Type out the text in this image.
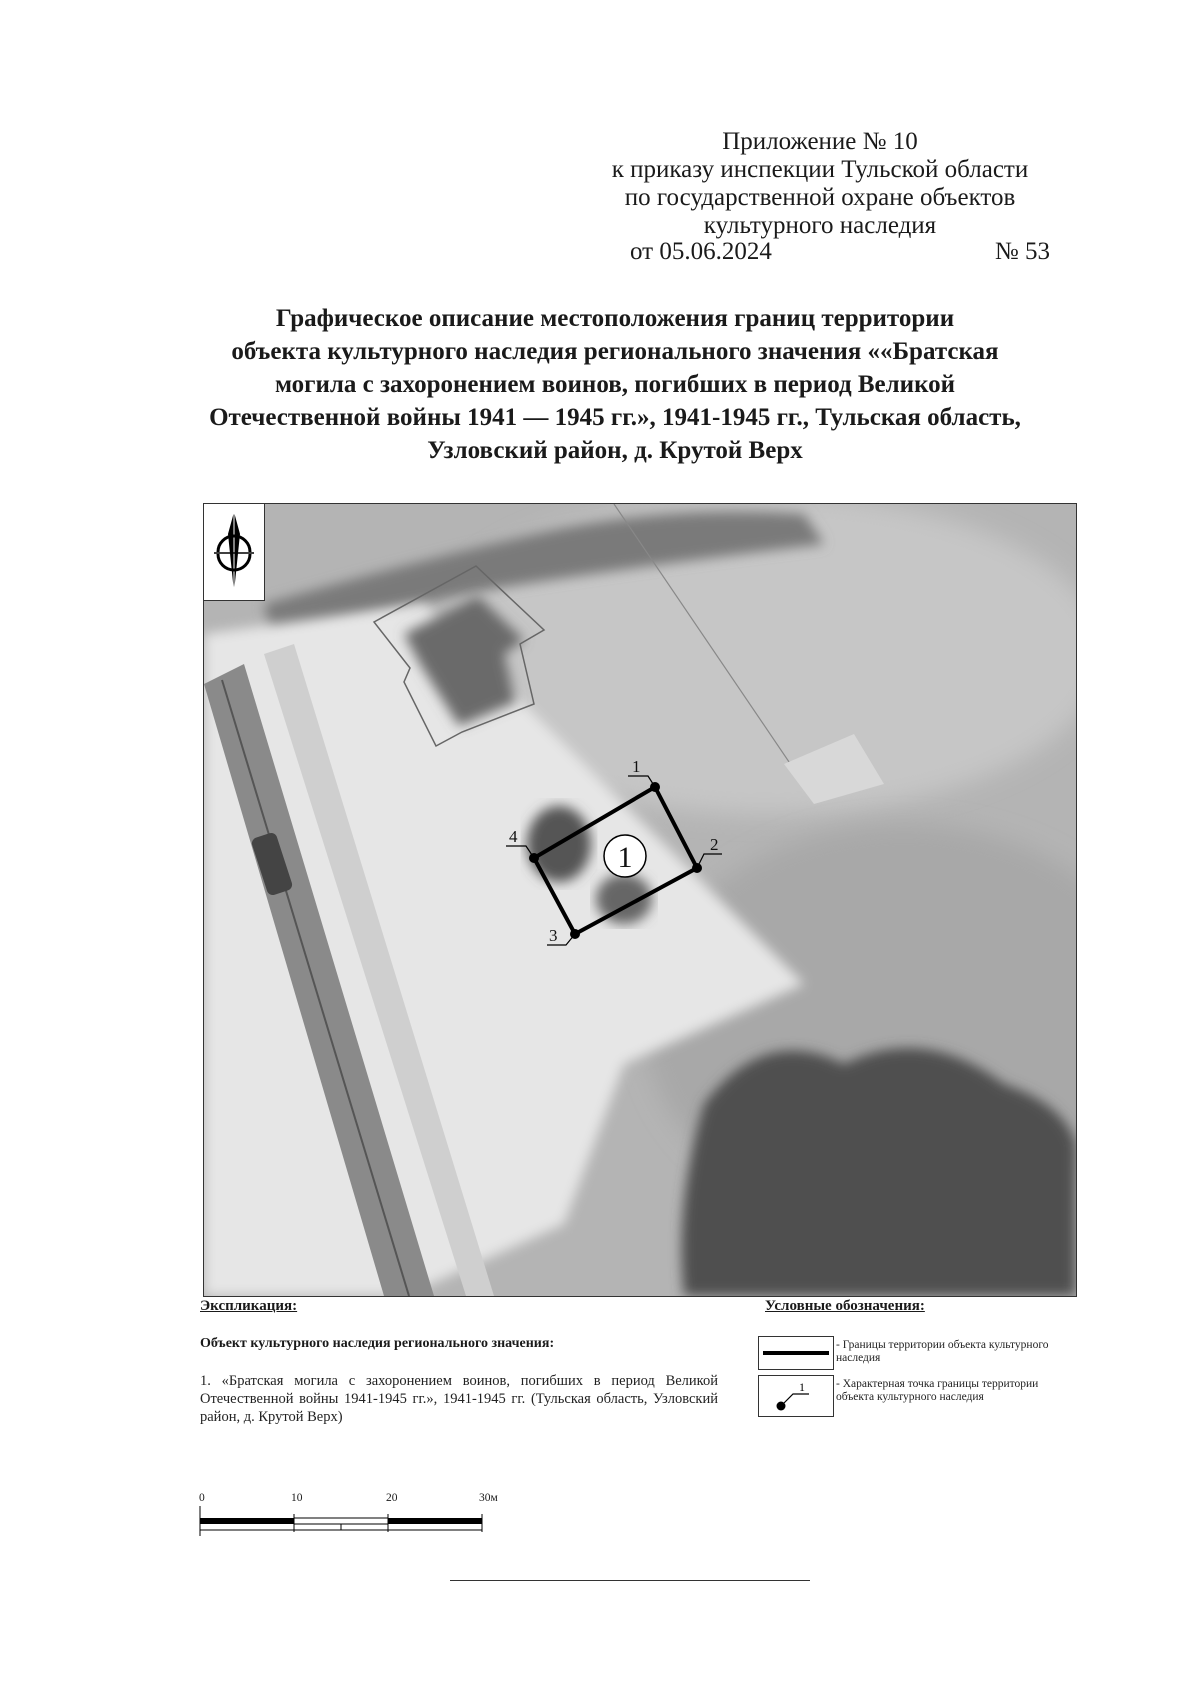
Приложение № 10
к приказу инспекции Тульской области
по государственной охране объектов
культурного наследия
от 05.06.2024	№ 53
Графическое описание местоположения границ территории
объекта культурного наследия регионального значения ««Братская
могила с захоронением воинов, погибших в период Великой
Отечественной войны 1941 — 1945 гг.», 1941-1945 гг., Тульская область,
Узловский район, д. Крутой Верх
1
2
3
4
1
Экспликация:
Объект культурного наследия регионального значения:
1. «Братская могила с захоронением воинов, погибших в период Великой Отечественной войны 1941-1945 гг.», 1941-1945 гг. (Тульская область, Узловский район, д. Крутой Верх)
Условные обозначения:
- Границы территории объекта культурного наследия
1	- Характерная точка границы территории объекта культурного наследия
0	10	20	30м
